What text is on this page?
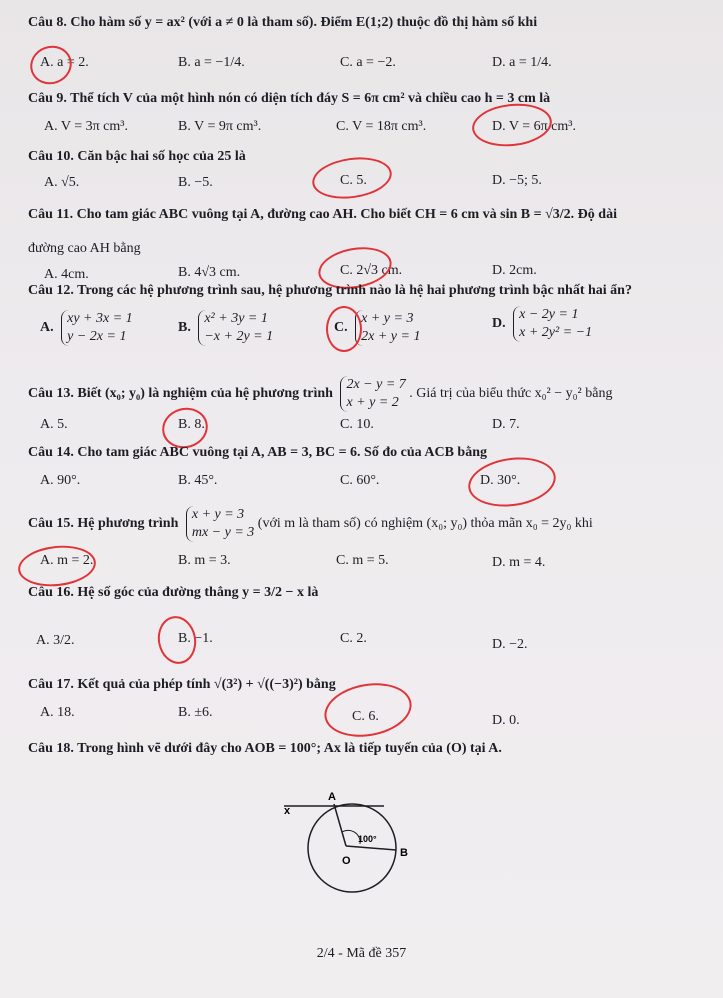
Câu 8. Cho hàm số y = ax² (với a ≠ 0 là tham số). Điểm E(1;2) thuộc đồ thị hàm số khi
A. a = 2.	B. a = −1/4.	C. a = −2.	D. a = 1/4.
Câu 9. Thể tích V của một hình nón có diện tích đáy S = 6π cm² và chiều cao h = 3 cm là
A. V = 3π cm³.	B. V = 9π cm³.	C. V = 18π cm³.	D. V = 6π cm³.
Câu 10. Căn bậc hai số học của 25 là
A. √5.	B. −5.	C. 5.	D. −5; 5.
Câu 11. Cho tam giác ABC vuông tại A, đường cao AH. Cho biết CH = 6 cm và sin B = √3/2. Độ dài
đường cao AH bằng
A. 4cm.	B. 4√3 cm.	C. 2√3 cm.	D. 2cm.
Câu 12. Trong các hệ phương trình sau, hệ phương trình nào là hệ hai phương trình bậc nhất hai ẩn?
A. xy + 3x = 1
y − 2x = 1
B. x² + 3y = 1
−x + 2y = 1
C. x + y = 3
2x + y = 1
D. x − 2y = 1
x + 2y² = −1
Câu 13. Biết (x₀; y₀) là nghiệm của hệ phương trình 2x − y = 7
x + y = 2 . Giá trị của biểu thức x₀² − y₀² bằng
A. 5.	B. 8.	C. 10.	D. 7.
Câu 14. Cho tam giác ABC vuông tại A, AB = 3, BC = 6. Số đo của ACB bằng
A. 90°.	B. 45°.	C. 60°.	D. 30°.
Câu 15. Hệ phương trình x + y = 3
mx − y = 3 (với m là tham số) có nghiệm (x₀; y₀) thỏa mãn x₀ = 2y₀ khi
A. m = 2.	B. m = 3.	C. m = 5.	D. m = 4.
Câu 16. Hệ số góc của đường thẳng y = 3/2 − x là
A. 3/2.	B. −1.	C. 2.	D. −2.
Câu 17. Kết quả của phép tính √(3²) + √((−3)²) bằng
A. 18.	B. ±6.	C. 6.	D. 0.
Câu 18. Trong hình vẽ dưới đây cho AOB = 100°; Ax là tiếp tuyến của (O) tại A.
x
A
O
B
100°
2/4 - Mã đề 357
